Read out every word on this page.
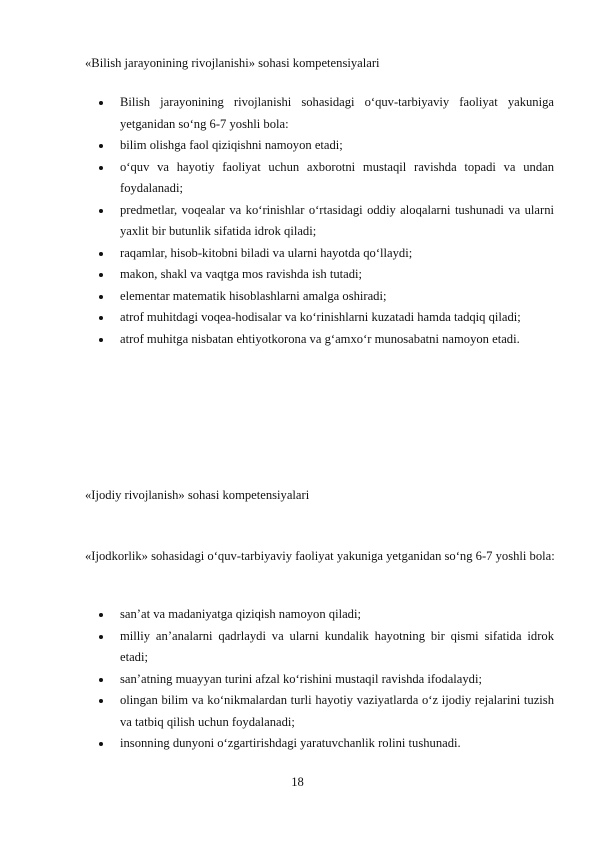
«Bilish jarayonining rivojlanishi» sohasi kompetensiyalari
Bilish jarayonining rivojlanishi sohasidagi o‘quv-tarbiyaviy faoliyat yakuniga yetganidan so‘ng 6-7 yoshli bola:
bilim olishga faol qiziqishni namoyon etadi;
o‘quv va hayotiy faoliyat uchun axborotni mustaqil ravishda topadi va undan foydalanadi;
predmetlar, voqealar va ko‘rinishlar o‘rtasidagi oddiy aloqalarni tushunadi va ularni yaxlit bir butunlik sifatida idrok qiladi;
raqamlar, hisob-kitobni biladi va ularni hayotda qo‘llaydi;
makon, shakl va vaqtga mos ravishda ish tutadi;
elementar matematik hisoblashlarni amalga oshiradi;
atrof muhitdagi voqea-hodisalar va ko‘rinishlarni kuzatadi hamda tadqiq qiladi;
atrof muhitga nisbatan ehtiyotkorona va g‘amxo‘r munosabatni namoyon etadi.
«Ijodiy rivojlanish» sohasi kompetensiyalari
«Ijodkorlik» sohasidagi o‘quv-tarbiyaviy faoliyat yakuniga yetganidan so‘ng 6-7 yoshli bola:
san’at va madaniyatga qiziqish namoyon qiladi;
milliy an’analarni qadrlaydi va ularni kundalik hayotning bir qismi sifatida idrok etadi;
san’atning muayyan turini afzal ko‘rishini mustaqil ravishda ifodalaydi;
olingan bilim va ko‘nikmalardan turli hayotiy vaziyatlarda o‘z ijodiy rejalarini tuzish va tatbiq qilish uchun foydalanadi;
insonning dunyoni o‘zgartirishdagi yaratuvchanlik rolini tushunadi.
18
